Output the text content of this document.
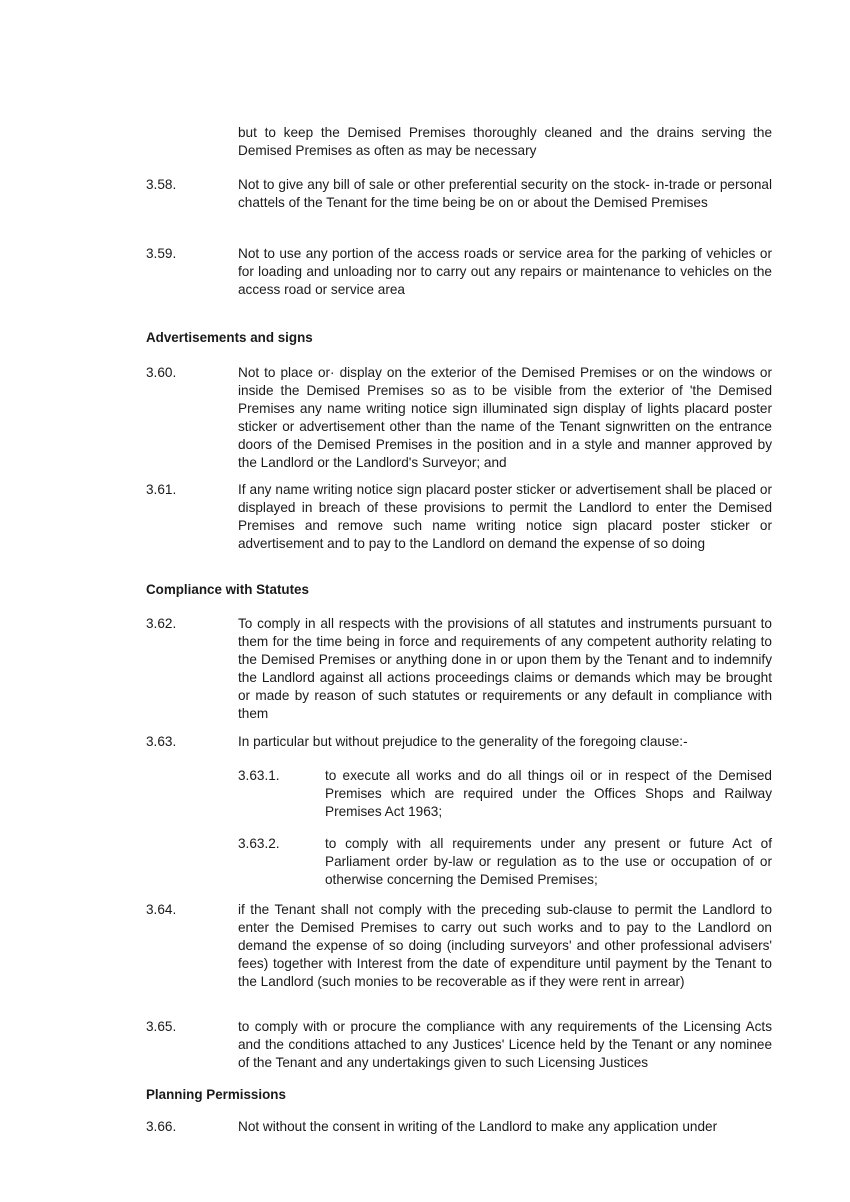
but to keep the Demised Premises thoroughly cleaned and the drains serving the Demised Premises as often as may be necessary
3.58.	Not to give any bill of sale or other preferential security on the stock- in-trade or personal chattels of the Tenant for the time being be on or about the Demised Premises
3.59.	Not to use any portion of the access roads or service area for the parking of vehicles or for loading and unloading nor to carry out any repairs or maintenance to vehicles on the access road or service area
Advertisements and signs
3.60.	Not to place or· display on the exterior of the Demised Premises or on the windows or inside the Demised Premises so as to be visible from the exterior of 'the Demised Premises any name writing notice sign illuminated sign display of lights placard poster sticker or advertisement other than the name of the Tenant signwritten on the entrance doors of the Demised Premises in the position and in a style and manner approved by the Landlord or the Landlord's Surveyor; and
3.61.	If any name writing notice sign placard poster sticker or advertisement shall be placed or displayed in breach of these provisions to permit the Landlord to enter the Demised Premises and remove such name writing notice sign placard poster sticker or advertisement and to pay to the Landlord on demand the expense of so doing
Compliance with Statutes
3.62.	To comply in all respects with the provisions of all statutes and instruments pursuant to them for the time being in force and requirements of any competent authority relating to the Demised Premises or anything done in or upon them by the Tenant and to indemnify the Landlord against all actions proceedings claims or demands which may be brought or made by reason of such statutes or requirements or any default in compliance with them
3.63.	In particular but without prejudice to the generality of the foregoing clause:-
3.63.1.	to execute all works and do all things oil or in respect of the Demised Premises which are required under the Offices Shops and Railway Premises Act 1963;
3.63.2.	to comply with all requirements under any present or future Act of Parliament order by-law or regulation as to the use or occupation of or otherwise concerning the Demised Premises;
3.64.	if the Tenant shall not comply with the preceding sub-clause to permit the Landlord to enter the Demised Premises to carry out such works and to pay to the Landlord on demand the expense of so doing (including surveyors' and other professional advisers' fees) together with Interest from the date of expenditure until payment by the Tenant to the Landlord (such monies to be recoverable as if they were rent in arrear)
3.65.	to comply with or procure the compliance with any requirements of the Licensing Acts and the conditions attached to any Justices' Licence held by the Tenant or any nominee of the Tenant and any undertakings given to such Licensing Justices
Planning Permissions
3.66.	Not without the consent in writing of the Landlord to make any application under
